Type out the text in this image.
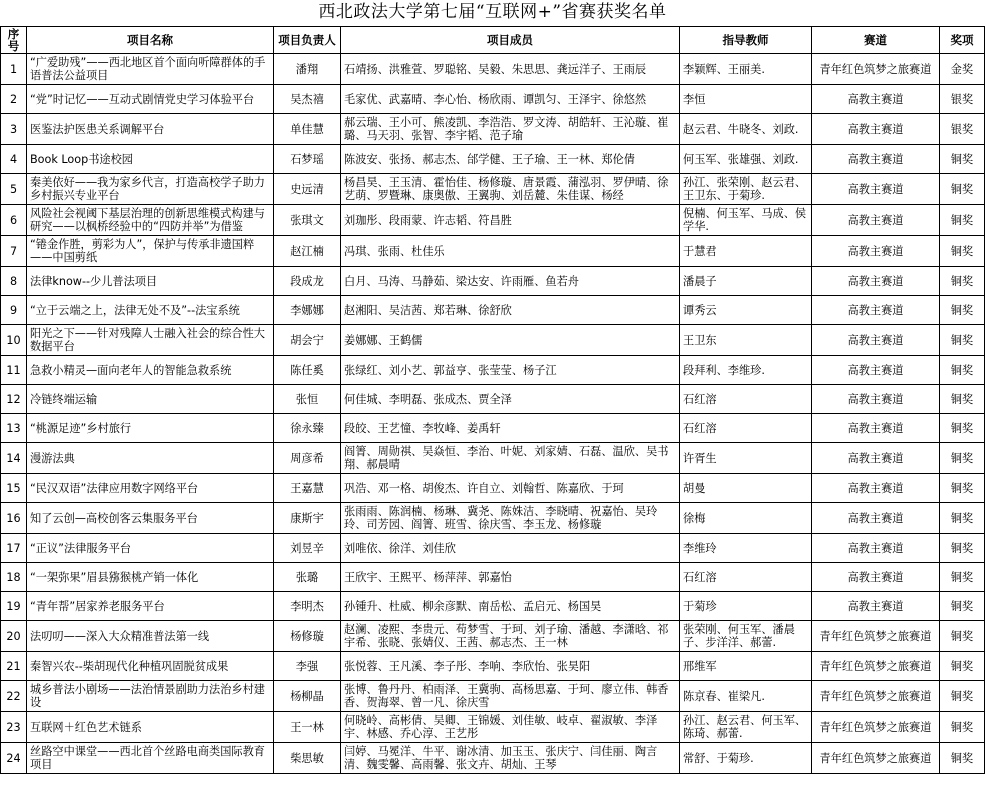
西北政法大学第七届“互联网+”省赛获奖名单
序号	项目名称	项目负责人	项目成员	指导教师	赛道	奖项
1	“广爱助残”——西北地区首个面向听障群体的手语普法公益项目	潘翔	石靖扬、洪雅萱、罗聪铭、吴毅、朱思思、龚远洋子、王雨辰	李颖辉、王丽美.	青年红色筑梦之旅赛道	金奖
2	“党”时记忆——互动式剧情党史学习体验平台	吴杰禧	毛家优、武嘉晴、李心怡、杨欣雨、谭凯匀、王泽宇、徐悠然	李恒	高教主赛道	银奖
3	医鉴法护医患关系调解平台	单佳慧	郝云瑞、王小可、熊凌凯、李浩浩、罗文涛、胡皓轩、王沁璇、崔璐、马天羽、张智、李宇韬、范子瑜	赵云君、牛晓冬、刘政.	高教主赛道	银奖
4	Book Loop书途校园	石梦瑶	陈波安、张扬、郝志杰、邰学健、王子瑜、王一林、郑伦倩	何玉军、张雄强、刘政.	高教主赛道	铜奖
5	秦美依好——我为家乡代言，打造高校学子助力乡村振兴专业平台	史远清	杨昌昊、王玉清、霍怡佳、杨修璇、唐景霞、蒲泓羽、罗伊晴、徐艺萌、罗暨琳、康奥傲、王翼驹、刘岳麓、朱佳谋、杨经	孙江、张荣刚、赵云君、王卫东、于菊珍.	高教主赛道	铜奖
6	风险社会视阈下基层治理的创新思维模式构建与研究——以枫桥经验中的“四防并举”为借鉴	张琪文	刘珈彤、段雨蒙、许志韬、符昌胜	倪楠、何玉军、马成、侯学华.	高教主赛道	铜奖
7	“锩金作胜，剪彩为人”，保护与传承非遗国粹——中国剪纸	赵江楠	冯琪、张雨、杜佳乐	于慧君	高教主赛道	铜奖
8	法律know--少儿普法项目	段成龙	白月、马涛、马静茹、梁达安、许雨雁、鱼若舟	潘晨子	高教主赛道	铜奖
9	“立于云端之上，法律无处不及”--法宝系统	李娜娜	赵湘阳、吴洁茜、郑若琳、徐舒欣	谭秀云	高教主赛道	铜奖
10	阳光之下——针对残障人士融入社会的综合性大数据平台	胡会宁	姜娜娜、王鹤儒	王卫东	高教主赛道	铜奖
11	急救小精灵—面向老年人的智能急救系统	陈任奚	张绿红、刘小艺、郭益亨、张莹莹、杨子江	段拜利、李维珍.	高教主赛道	铜奖
12	冷链终端运输	张恒	何佳城、李明磊、张成杰、贾全泽	石红溶	高教主赛道	铜奖
13	“桃源足迹”乡村旅行	徐永臻	段皎、王艺憧、李牧峰、姜禹轩	石红溶	高教主赛道	铜奖
14	漫游法典	周彦希	阎箐、周勋祺、吴焱恒、李治、叶妮、刘家婧、石磊、温欣、吴书翔、郝晨晴	许胥生	高教主赛道	铜奖
15	“民汉双语”法律应用数字网络平台	王嘉慧	巩浩、邓一格、胡俊杰、许自立、刘翰哲、陈嘉欣、于珂	胡曼	高教主赛道	铜奖
16	知了云创—高校创客云集服务平台	康斯宇	张雨雨、陈润楠、杨琳、冀尧、陈姝洁、李晓晴、祝嘉怡、吴玲玲、司芳园、阎箐、班雪、徐庆雪、李玉龙、杨修璇	徐梅	高教主赛道	铜奖
17	“正议”法律服务平台	刘昱辛	刘唯依、徐洋、刘佳欣	李维玲	高教主赛道	铜奖
18	“一架弥果”眉县猕猴桃产销一体化	张璐	王欣宇、王熙平、杨萍萍、郭嘉怡	石红溶	高教主赛道	铜奖
19	“青年帮”居家养老服务平台	李明杰	孙锺升、杜威、柳余彦默、南岳松、孟启元、杨国昊	于菊珍	高教主赛道	铜奖
20	法叨叨——深入大众精准普法第一线	杨修璇	赵澜、凌熙、李贵元、苟梦雪、于珂、刘子瑜、潘越、李潇晗、祁宇希、张晓、张婧仪、王茜、郝志杰、王一林	张荣刚、何玉军、潘晨子、步洋洋、郝蕾.	青年红色筑梦之旅赛道	铜奖
21	秦智兴农--柴胡现代化种植巩固脱贫成果	李强	张悦蓉、王凡溪、李子彤、李响、李欣怡、张昊阳	邢维军	青年红色筑梦之旅赛道	铜奖
22	城乡普法小剧场——法治情景剧助力法治乡村建设	杨柳晶	张博、鲁丹丹、柏雨泽、王冀驹、高杨思嘉、于珂、廖立伟、韩香香、贺海翠、曾一凡、徐庆雪	陈京春、崔梁凡.	青年红色筑梦之旅赛道	铜奖
23	互联网＋红色艺术链系	王一林	何晓岭、高彬倩、吴卿、王锦媛、刘佳敏、岐卓、翟淑敏、李泽宇、林感、乔心淳、王艺彤	孙江、赵云君、何玉军、陈琦、郝蕾.	青年红色筑梦之旅赛道	铜奖
24	丝路空中课堂——西北首个丝路电商类国际教育项目	柴思敏	闫婷、马冕洋、牛平、谢冰清、加玉玉、张庆宁、闫佳丽、陶言清、魏雯馨、高雨馨、张文卉、胡灿、王琴	常舒、于菊珍.	青年红色筑梦之旅赛道	铜奖
